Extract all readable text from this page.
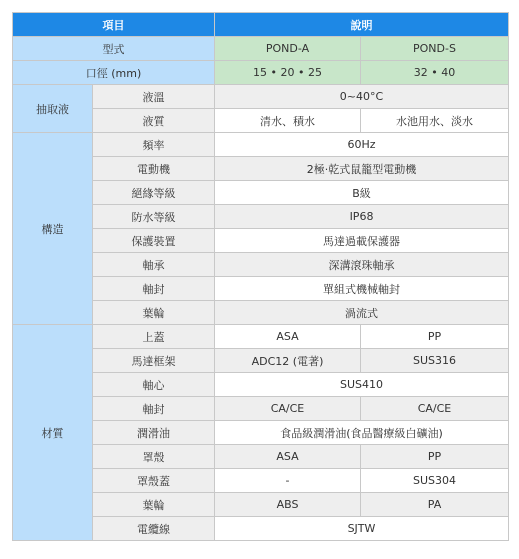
項目		說明	
型式		POND-A	POND-S
口徑 (mm)		15 • 20 • 25	32 • 40
抽取液	液溫	0~40°C	
	液質	清水、積水	水池用水、淡水
構造	頻率	60Hz	
	電動機	2極‧乾式鼠籠型電動機	
	絕緣等級	B級	
	防水等級	IP68	
	保護裝置	馬達過載保護器	
	軸承	深溝滾珠軸承	
	軸封	單組式機械軸封	
	葉輪	渦流式	
材質	上蓋	ASA	PP
	馬達框架	ADC12 (電著)	SUS316
	軸心	SUS410	
	軸封	CA/CE	CA/CE
	潤滑油	食品級潤滑油(食品醫療級白礦油)	
	罩殼	ASA	PP
	罩殼蓋	-	SUS304
	葉輪	ABS	PA
	電纜線	SJTW	
